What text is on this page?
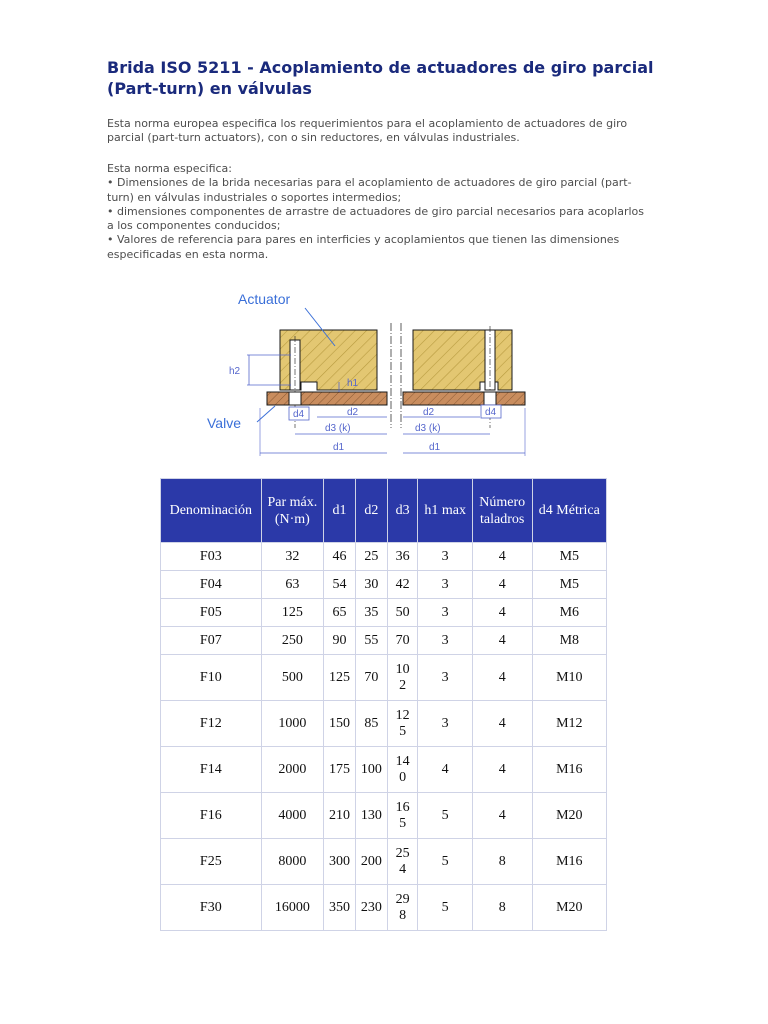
Brida ISO 5211 - Acoplamiento de actuadores de giro parcial (Part-turn) en válvulas

Esta norma europea especifica los requerimientos para el acoplamiento de actuadores de giro parcial (part-turn actuators), con o sin reductores, en válvulas industriales.

Esta norma especifica:
• Dimensiones de la brida necesarias para el acoplamiento de actuadores de giro parcial (part-
turn) en válvulas industriales o soportes intermedios;
• dimensiones componentes de arrastre de actuadores de giro parcial necesarios para acoplarlos
a los componentes conducidos;
• Valores de referencia para pares en interficies y acoplamientos que tienen las dimensiones
especificadas en esta norma.

Actuator
Valve
h2
h1
d4	d4
d2	d2
d3 (k)	d3 (k)
d1	d1
Denominación	Par máx. (N·m)	d1	d2	d3	h1 max	Número taladros	d4 Métrica
F03	32	46	25	36	3	4	M5
F04	63	54	30	42	3	4	M5
F05	125	65	35	50	3	4	M6
F07	250	90	55	70	3	4	M8
F10	500	125	70	102	3	4	M10
F12	1000	150	85	125	3	4	M12
F14	2000	175	100	140	4	4	M16
F16	4000	210	130	165	5	4	M20
F25	8000	300	200	254	5	8	M16
F30	16000	350	230	298	5	8	M20
